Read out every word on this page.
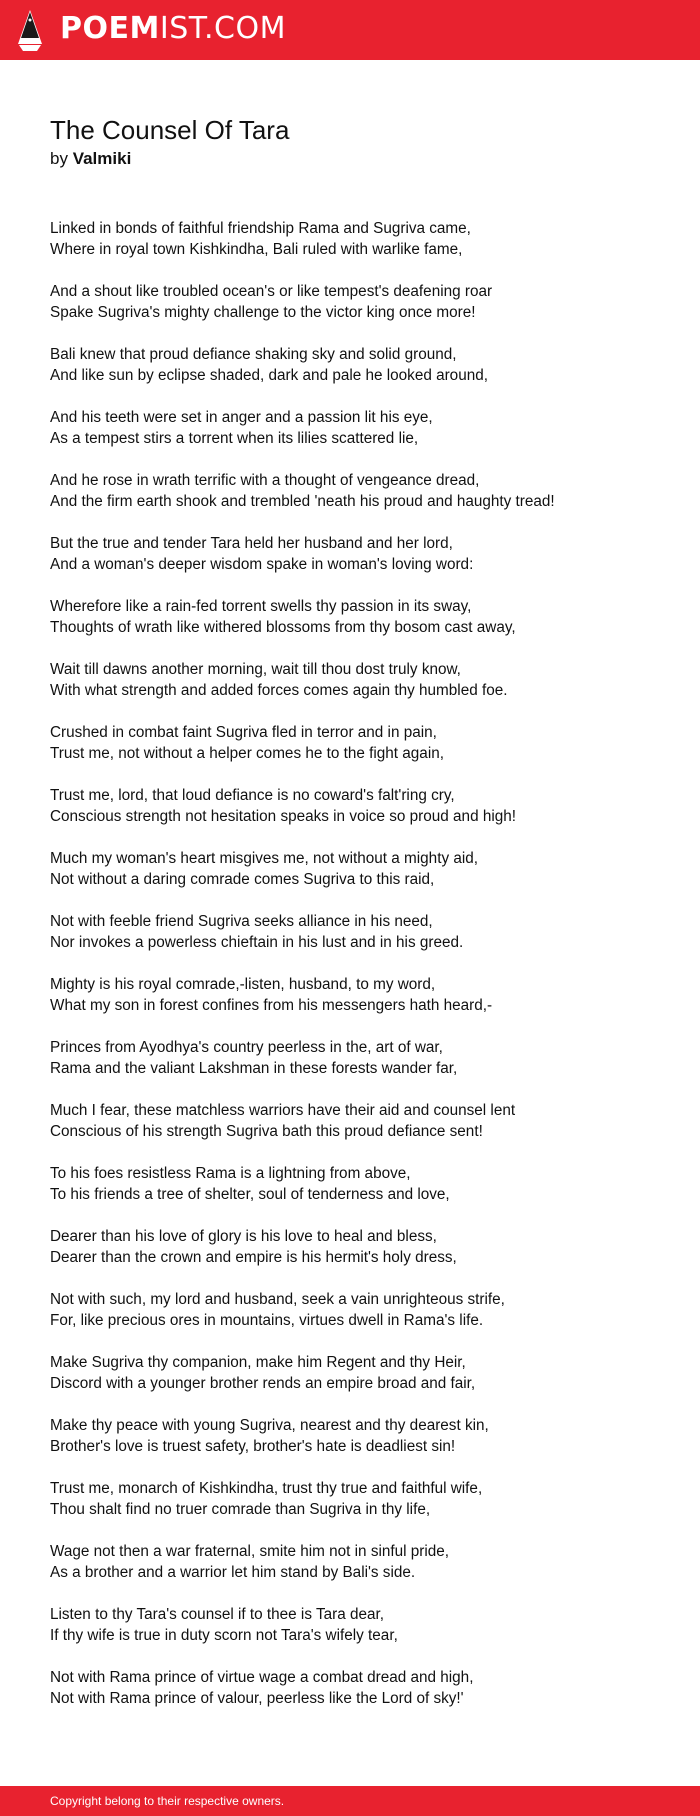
POEMIST.COM
The Counsel Of Tara
by Valmiki
Linked in bonds of faithful friendship Rama and Sugriva came,
Where in royal town Kishkindha, Bali ruled with warlike fame,
And a shout like troubled ocean's or like tempest's deafening roar
Spake Sugriva's mighty challenge to the victor king once more!
Bali knew that proud defiance shaking sky and solid ground,
And like sun by eclipse shaded, dark and pale he looked around,
And his teeth were set in anger and a passion lit his eye,
As a tempest stirs a torrent when its lilies scattered lie,
And he rose in wrath terrific with a thought of vengeance dread,
And the firm earth shook and trembled 'neath his proud and haughty tread!
But the true and tender Tara held her husband and her lord,
And a woman's deeper wisdom spake in woman's loving word:
Wherefore like a rain-fed torrent swells thy passion in its sway,
Thoughts of wrath like withered blossoms from thy bosom cast away,
Wait till dawns another morning, wait till thou dost truly know,
With what strength and added forces comes again thy humbled foe.
Crushed in combat faint Sugriva fled in terror and in pain,
Trust me, not without a helper comes he to the fight again,
Trust me, lord, that loud defiance is no coward's falt'ring cry,
Conscious strength not hesitation speaks in voice so proud and high!
Much my woman's heart misgives me, not without a mighty aid,
Not without a daring comrade comes Sugriva to this raid,
Not with feeble friend Sugriva seeks alliance in his need,
Nor invokes a powerless chieftain in his lust and in his greed.
Mighty is his royal comrade,-listen, husband, to my word,
What my son in forest confines from his messengers hath heard,-
Princes from Ayodhya's country peerless in the, art of war,
Rama and the valiant Lakshman in these forests wander far,
Much I fear, these matchless warriors have their aid and counsel lent
Conscious of his strength Sugriva bath this proud defiance sent!
To his foes resistless Rama is a lightning from above,
To his friends a tree of shelter, soul of tenderness and love,
Dearer than his love of glory is his love to heal and bless,
Dearer than the crown and empire is his hermit's holy dress,
Not with such, my lord and husband, seek a vain unrighteous strife,
For, like precious ores in mountains, virtues dwell in Rama's life.
Make Sugriva thy companion, make him Regent and thy Heir,
Discord with a younger brother rends an empire broad and fair,
Make thy peace with young Sugriva, nearest and thy dearest kin,
Brother's love is truest safety, brother's hate is deadliest sin!
Trust me, monarch of Kishkindha, trust thy true and faithful wife,
Thou shalt find no truer comrade than Sugriva in thy life,
Wage not then a war fraternal, smite him not in sinful pride,
As a brother and a warrior let him stand by Bali's side.
Listen to thy Tara's counsel if to thee is Tara dear,
If thy wife is true in duty scorn not Tara's wifely tear,
Not with Rama prince of virtue wage a combat dread and high,
Not with Rama prince of valour, peerless like the Lord of sky!'
Copyright belong to their respective owners.
